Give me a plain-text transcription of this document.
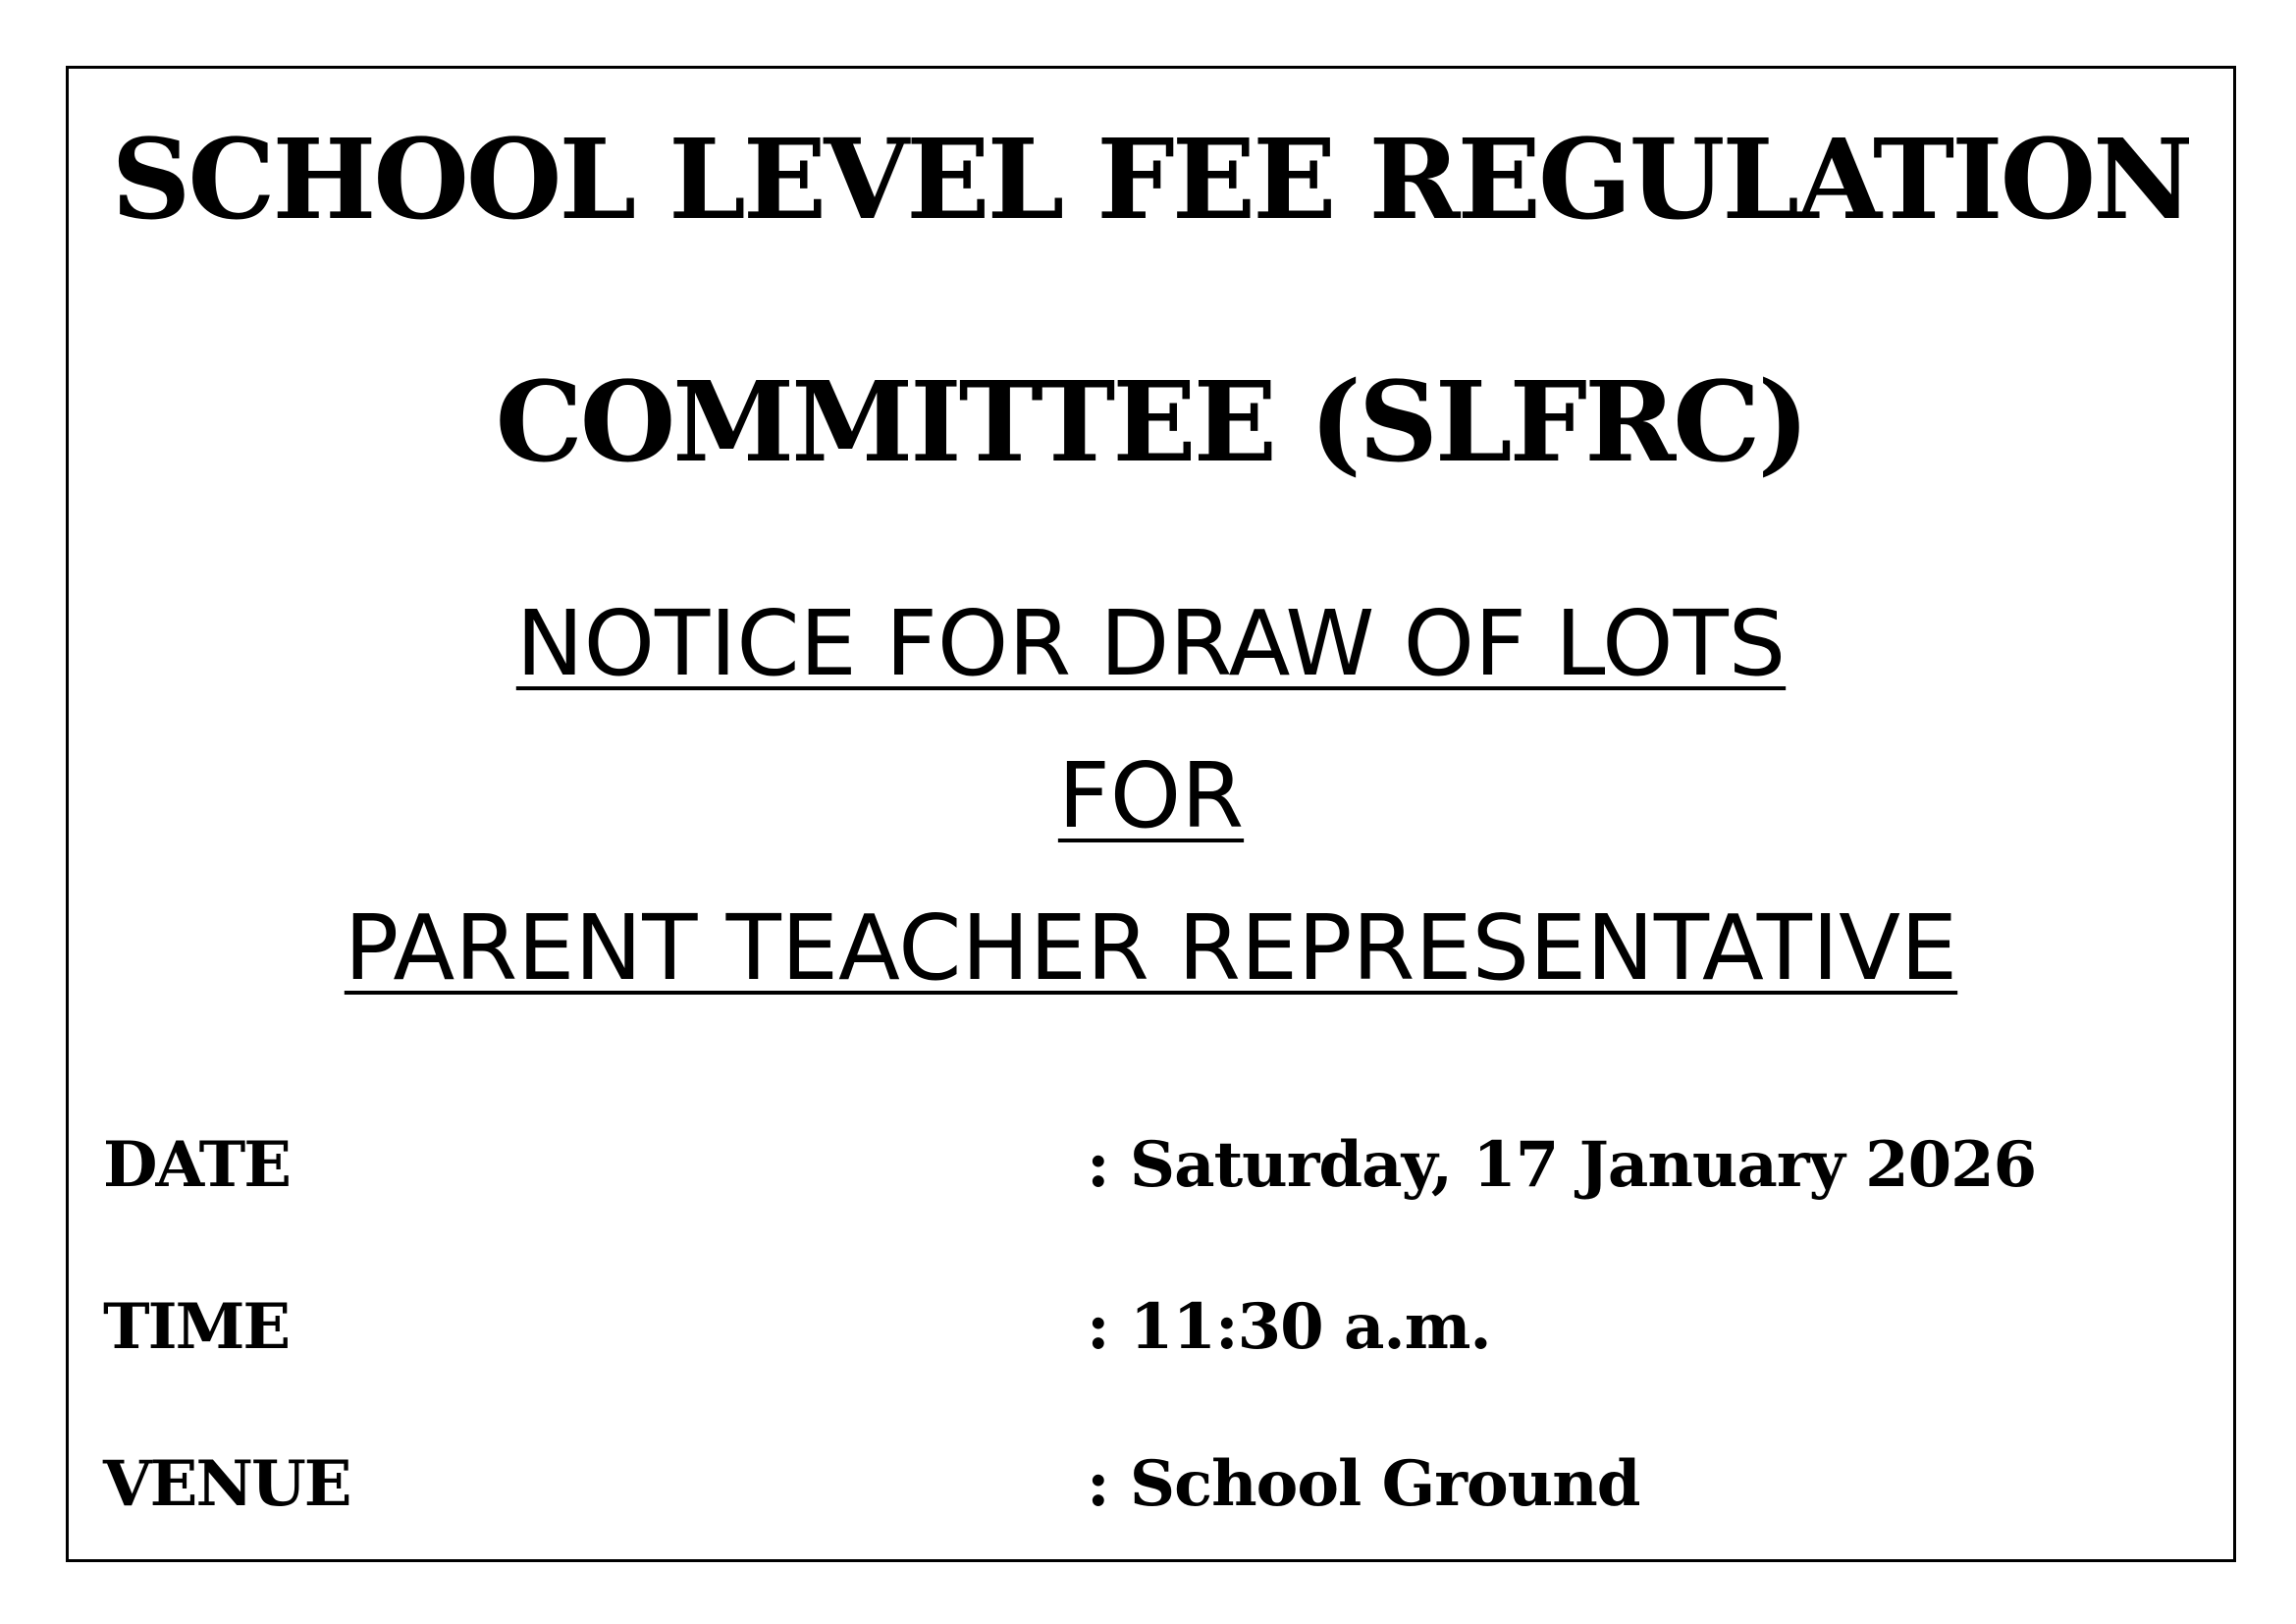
SCHOOL LEVEL FEE REGULATION
COMMITTEE (SLFRC)
NOTICE FOR DRAW OF LOTS
FOR
PARENT TEACHER REPRESENTATIVE
DATE	: Saturday, 17 January 2026
TIME	: 11:30 a.m.
VENUE	: School Ground
